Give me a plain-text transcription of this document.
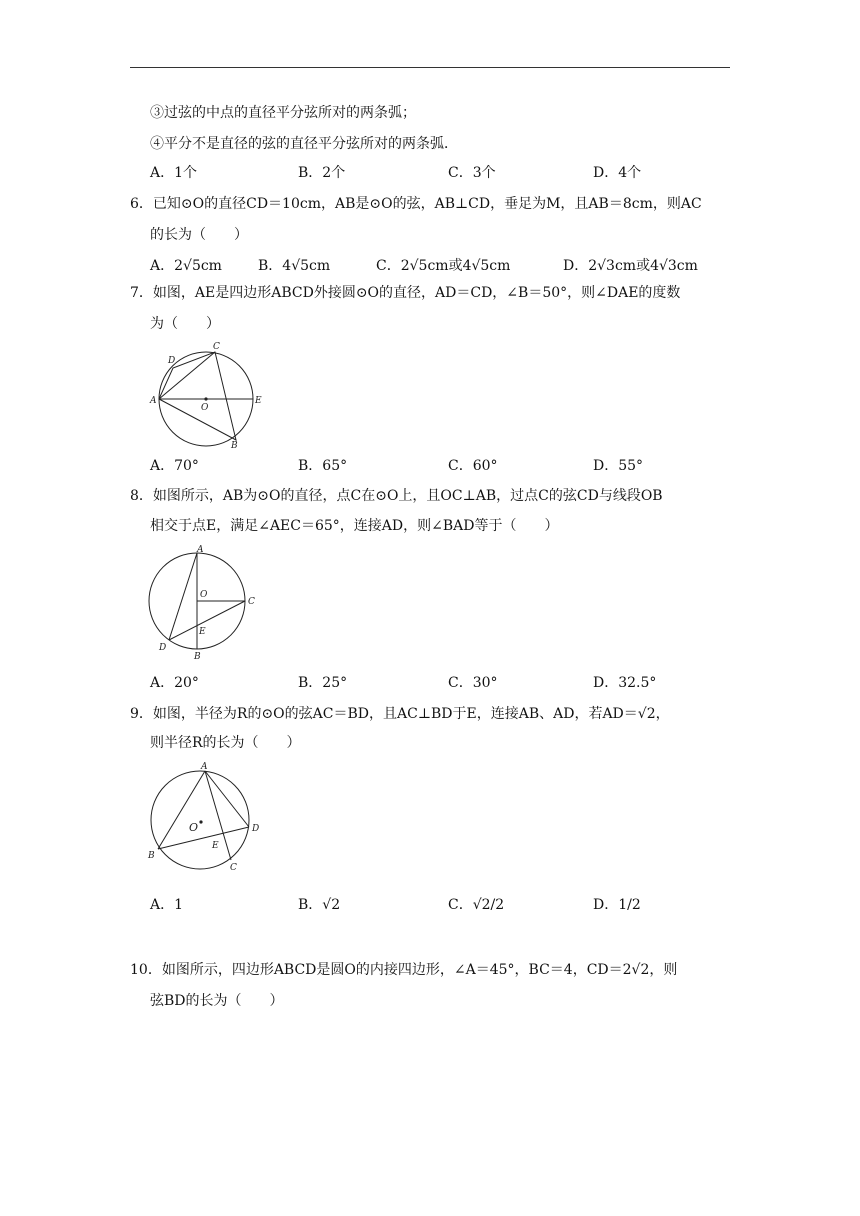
③过弦的中点的直径平分弦所对的两条弧；
④平分不是直径的弦的直径平分弦所对的两条弧．
A．1个	B．2个	C．3个	D．4个
6．已知⊙O的直径CD＝10cm，AB是⊙O的弦，AB⊥CD，垂足为M，且AB＝8cm，则AC
的长为（　　）
A．2√5cm	B．4√5cm	C．2√5cm或4√5cm	D．2√3cm或4√3cm
7．如图，AE是四边形ABCD外接圆⊙O的直径，AD＝CD，∠B＝50°，则∠DAE的度数
为（　　）
D
C
A
O
E
B
A．70°	B．65°	C．60°	D．55°
8．如图所示，AB为⊙O的直径，点C在⊙O上，且OC⊥AB，过点C的弦CD与线段OB
相交于点E，满足∠AEC＝65°，连接AD，则∠BAD等于（　　）
A
O
C
E
D
B
A．20°	B．25°	C．30°	D．32.5°
9．如图，半径为R的⊙O的弦AC＝BD，且AC⊥BD于E，连接AB、AD，若AD＝√2，
则半径R的长为（　　）
A
O	D
E
B
C
A．1	B．√2	C．√2/2	D．1/2
10．如图所示，四边形ABCD是圆O的内接四边形，∠A＝45°，BC＝4，CD＝2√2，则
弦BD的长为（　　）
